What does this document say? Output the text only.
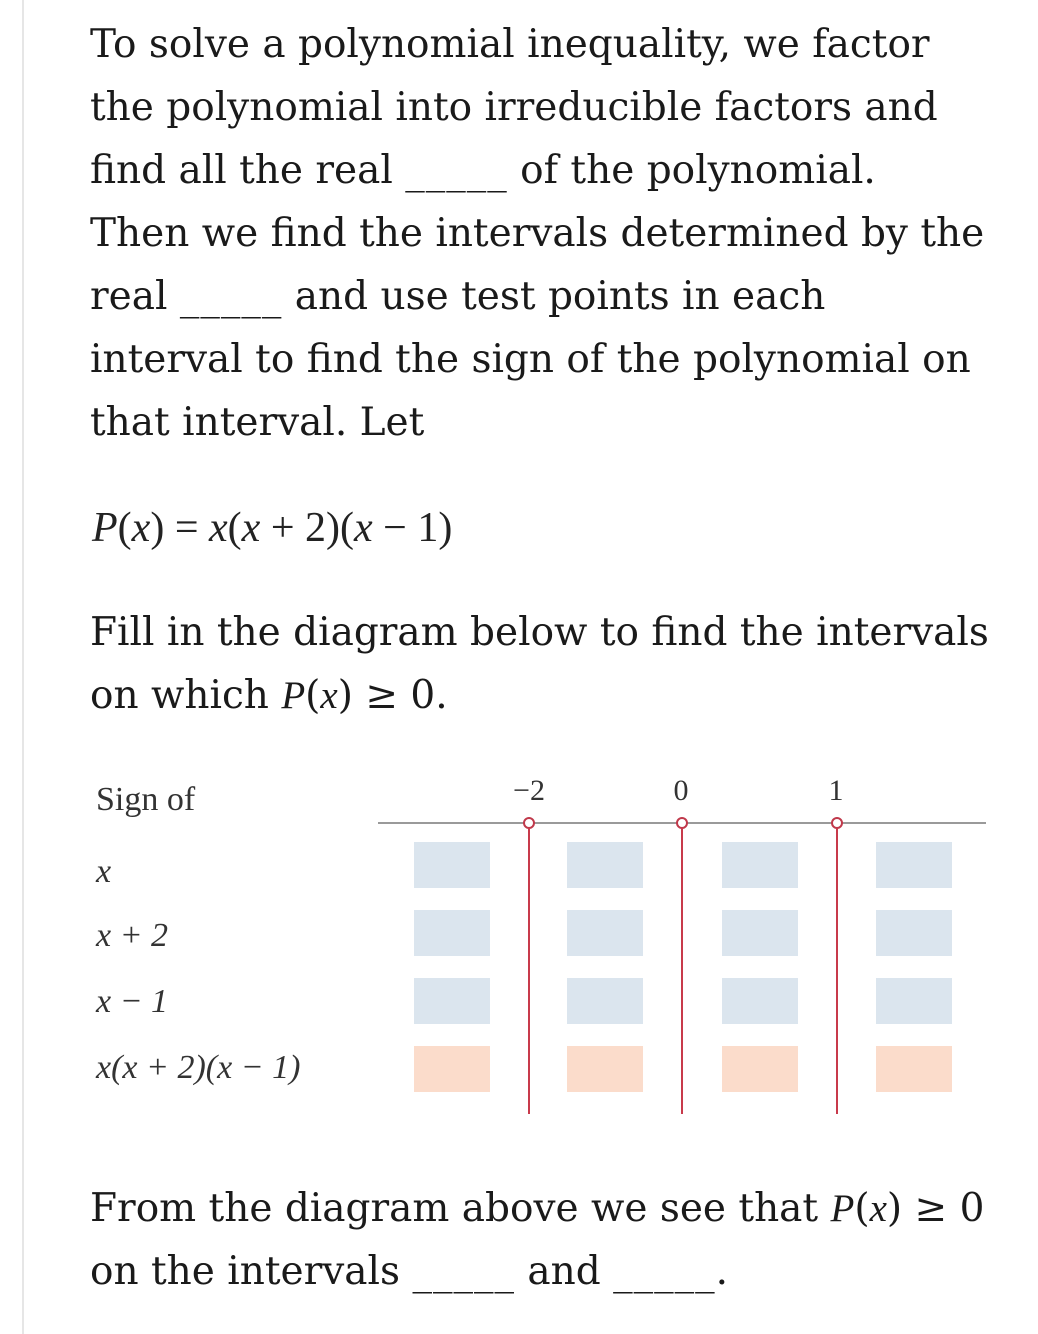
To solve a polynomial inequality, we factor
the polynomial into irreducible factors and
find all the real _____ of the polynomial.
Then we find the intervals determined by the
real _____ and use test points in each
interval to find the sign of the polynomial on
that interval. Let

P(x) = x(x + 2)(x − 1)

Fill in the diagram below to find the intervals
on which P(x) ≥ 0.

Sign of
x
x + 2
x − 1
x(x + 2)(x − 1)
−2	0	1

From the diagram above we see that P(x) ≥ 0
on the intervals _____ and _____.
